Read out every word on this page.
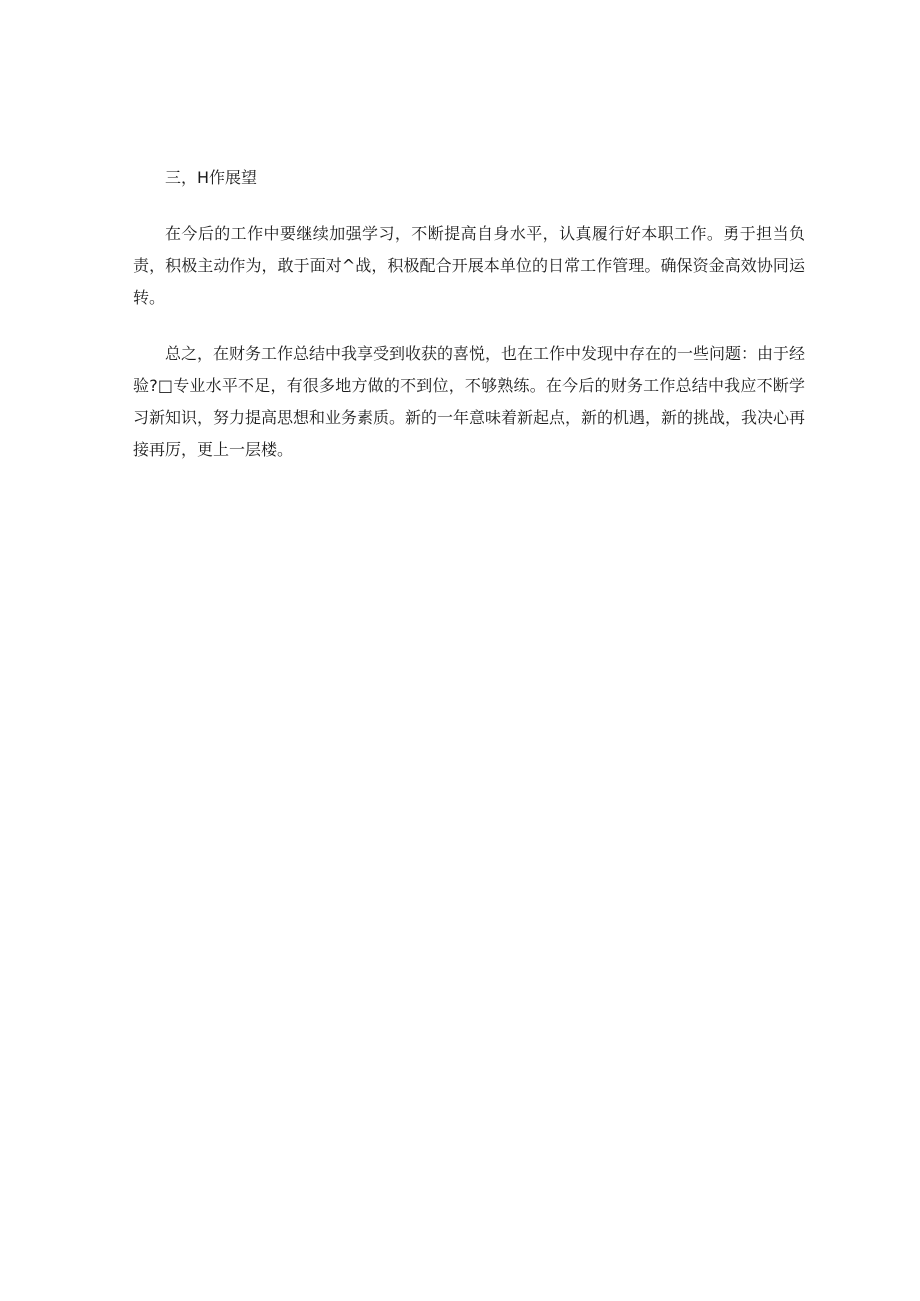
三，H作展望

在今后的工作中要继续加强学习，不断提高自身水平，认真履行好本职工作。勇于担当负责，积极主动作为，敢于面对^战，积极配合开展本单位的日常工作管理。确保资金高效协同运转。

总之，在财务工作总结中我享受到收获的喜悦，也在工作中发现中存在的一些问题：由于经验?□专业水平不足，有很多地方做的不到位，不够熟练。在今后的财务工作总结中我应不断学习新知识，努力提高思想和业务素质。新的一年意味着新起点，新的机遇，新的挑战，我决心再接再厉，更上一层楼。
